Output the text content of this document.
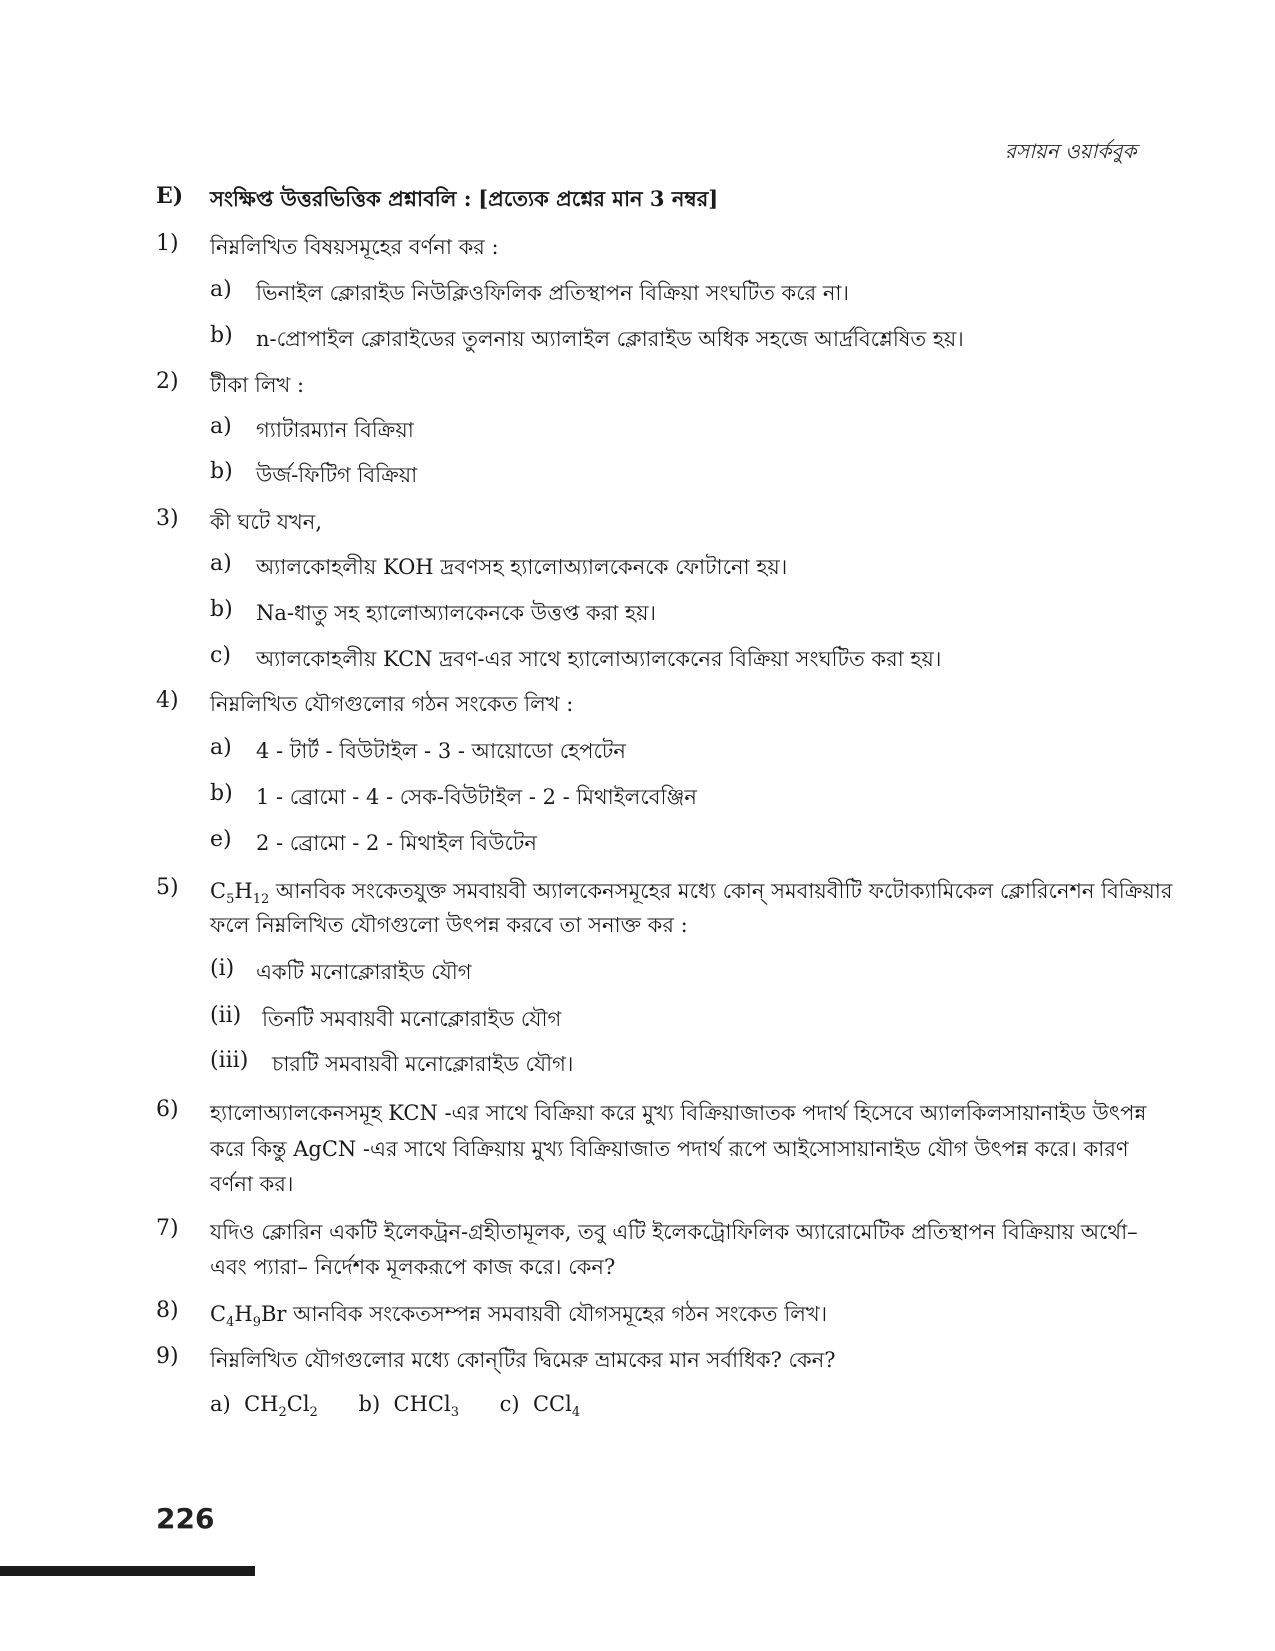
রসায়ন ওয়ার্কবুক
E) সংক্ষিপ্ত উত্তরভিত্তিক প্রশ্নাবলি : [প্রত্যেক প্রশ্নের মান 3 নম্বর]
1) নিম্নলিখিত বিষয়সমূহের বর্ণনা কর :
a) ভিনাইল ক্লোরাইড নিউক্লিওফিলিক প্রতিস্থাপন বিক্রিয়া সংঘটিত করে না।
b) n-প্রোপাইল ক্লোরাইডের তুলনায় অ্যালাইল ক্লোরাইড অধিক সহজে আর্দ্রবিশ্লেষিত হয়।
2) টীকা লিখ :
a) গ্যাটারম্যান বিক্রিয়া
b) উর্জ-ফিটিগ বিক্রিয়া
3) কী ঘটে যখন,
a) অ্যালকোহলীয় KOH দ্রবণসহ হ্যালোঅ্যালকেনকে ফোটানো হয়।
b) Na-ধাতু সহ হ্যালোঅ্যালকেনকে উত্তপ্ত করা হয়।
c) অ্যালকোহলীয় KCN দ্রবণ-এর সাথে হ্যালোঅ্যালকেনের বিক্রিয়া সংঘটিত করা হয়।
4) নিম্নলিখিত যৌগগুলোর গঠন সংকেত লিখ :
a) 4 - টার্ট - বিউটাইল - 3 - আয়োডো হেপটেন
b) 1 - ব্রোমো - 4 - সেক-বিউটাইল - 2 - মিথাইলবেঞ্জিন
e) 2 - ব্রোমো - 2 - মিথাইল বিউটেন
5) $C_5H_{12}$ আনবিক সংকেতযুক্ত সমবায়বী অ্যালকেনসমূহের মধ্যে কোন্ সমবায়বীটি ফটোক্যামিকেল ক্লোরিনেশন বিক্রিয়ার
ফলে নিম্নলিখিত যৌগগুলো উৎপন্ন করবে তা সনাক্ত কর :
(i) একটি মনোক্লোরাইড যৌগ
(ii) তিনটি সমবায়বী মনোক্লোরাইড যৌগ
(iii) চারটি সমবায়বী মনোক্লোরাইড যৌগ।
6) হ্যালোঅ্যালকেনসমূহ KCN -এর সাথে বিক্রিয়া করে মুখ্য বিক্রিয়াজাতক পদার্থ হিসেবে অ্যালকিলসায়ানাইড উৎপন্ন
করে কিন্তু AgCN -এর সাথে বিক্রিয়ায় মুখ্য বিক্রিয়াজাত পদার্থ রূপে আইসোসায়ানাইড যৌগ উৎপন্ন করে। কারণ
বর্ণনা কর।
7) যদিও ক্লোরিন একটি ইলেকট্রন-গ্রহীতামূলক, তবু এটি ইলেকট্রোফিলিক অ্যারোমেটিক প্রতিস্থাপন বিক্রিয়ায় অর্থো–
এবং প্যারা– নির্দেশক মূলকরূপে কাজ করে। কেন?
8) $C_4H_9Br$ আনবিক সংকেতসম্পন্ন সমবায়বী যৌগসমূহের গঠন সংকেত লিখ।
9) নিম্নলিখিত যৌগগুলোর মধ্যে কোন্‌টির দ্বিমেরু ভ্রামকের মান সর্বাধিক? কেন?
a) $CH_2Cl_2$ b) CHCl$_3$ c) CCl$_4$
226
